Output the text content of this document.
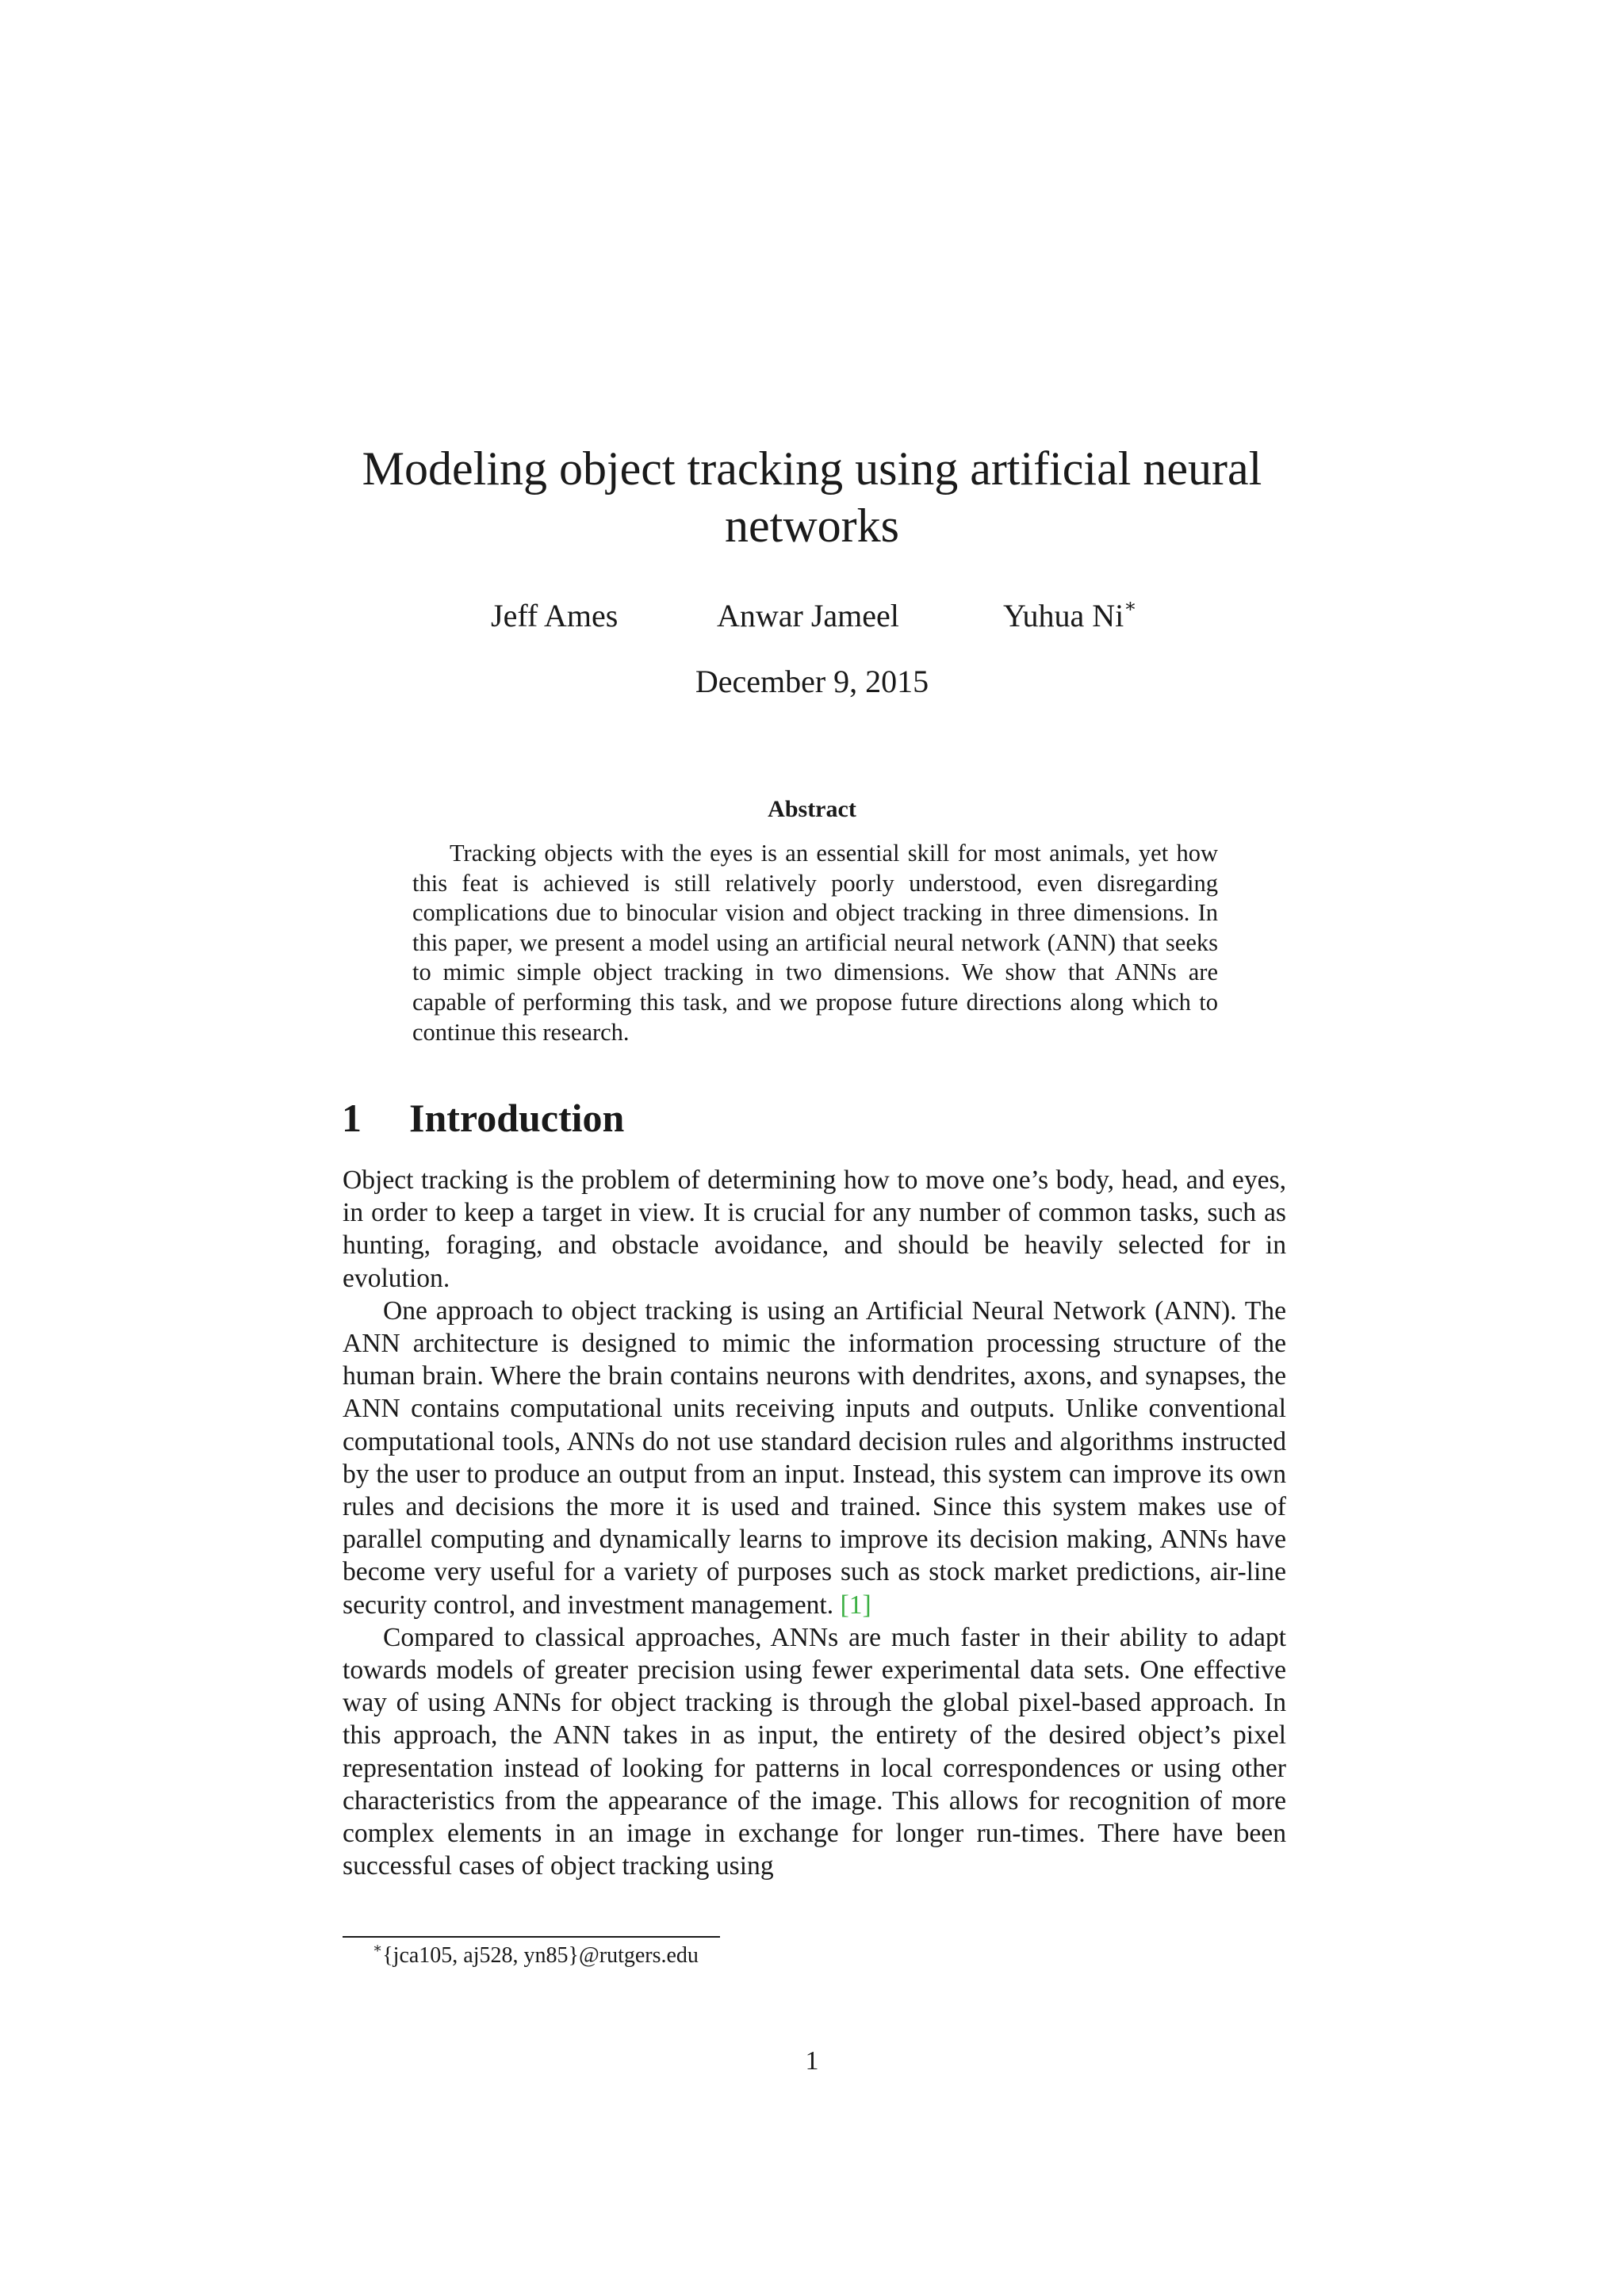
Modeling object tracking using artificial neural
networks
Jeff Ames	Anwar Jameel	Yuhua Ni∗
December 9, 2015
Abstract

Tracking objects with the eyes is an essential skill for most animals, yet how this feat is achieved is still relatively poorly understood, even disregarding complications due to binocular vision and object tracking in three dimensions. In this paper, we present a model using an artificial neural network (ANN) that seeks to mimic simple object tracking in two dimensions. We show that ANNs are capable of performing this task, and we propose future directions along which to continue this research.

1 Introduction

Object tracking is the problem of determining how to move one’s body, head, and eyes, in order to keep a target in view. It is crucial for any number of common tasks, such as hunting, foraging, and obstacle avoidance, and should be heavily selected for in evolution.

One approach to object tracking is using an Artificial Neural Network (ANN). The ANN architecture is designed to mimic the information processing structure of the human brain. Where the brain contains neurons with dendrites, axons, and synapses, the ANN contains computational units receiving inputs and outputs. Unlike conventional computational tools, ANNs do not use standard decision rules and algorithms instructed by the user to produce an output from an input. Instead, this system can improve its own rules and decisions the more it is used and trained. Since this system makes use of parallel computing and dynamically learns to improve its decision making, ANNs have become very useful for a variety of purposes such as stock market predictions, air-line security control, and investment management. [1]

Compared to classical approaches, ANNs are much faster in their ability to adapt towards models of greater precision using fewer experimental data sets. One effective way of using ANNs for object tracking is through the global pixel-based approach. In this approach, the ANN takes in as input, the entirety of the desired object’s pixel representation instead of looking for patterns in local correspondences or using other characteristics from the appearance of the image. This allows for recognition of more complex elements in an image in exchange for longer run-times. There have been successful cases of object tracking using

∗{jca105, aj528, yn85}@rutgers.edu

1
